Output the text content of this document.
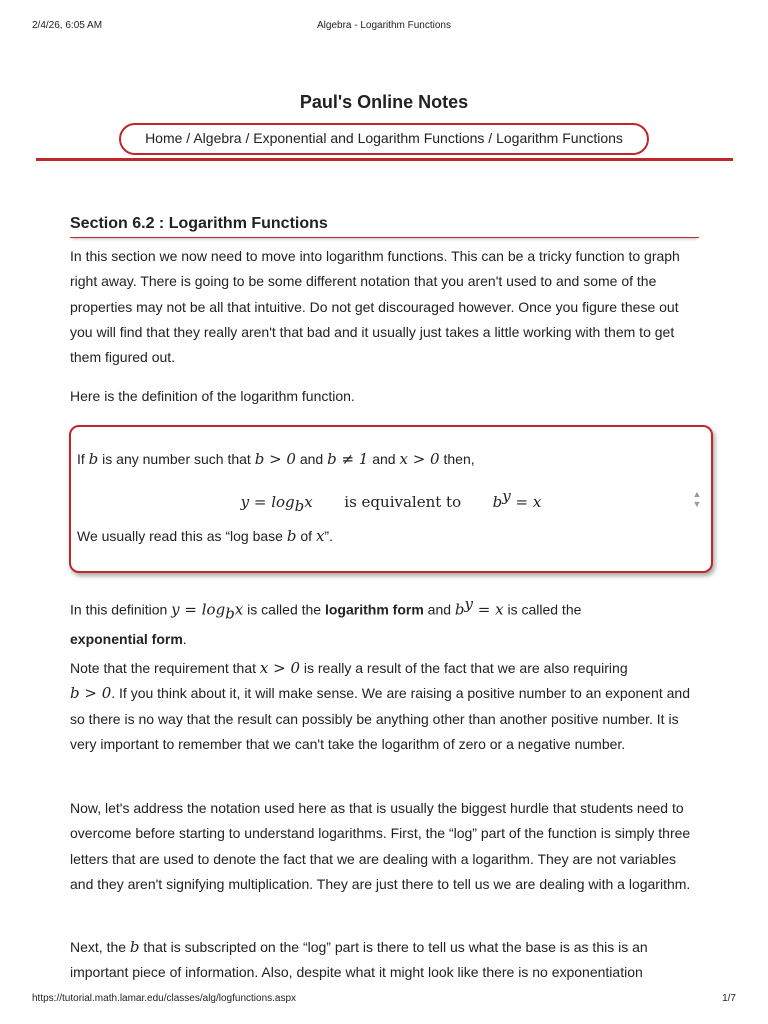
2/4/26, 6:05 AM	Algebra - Logarithm Functions
Paul's Online Notes
Home / Algebra / Exponential and Logarithm Functions / Logarithm Functions
Section 6.2 : Logarithm Functions

In this section we now need to move into logarithm functions. This can be a tricky function to graph right away. There is going to be some different notation that you aren't used to and some of the properties may not be all that intuitive. Do not get discouraged however. Once you figure these out you will find that they really aren't that bad and it usually just takes a little working with them to get them figured out.

Here is the definition of the logarithm function.

If b is any number such that b > 0 and b ≠ 1 and x > 0 then,
$y = \log_bx$ is equivalent to $b^y = x$
We usually read this as “log base b of x”.
▲
▼

In this definition $y = \log_bx$ is called the logarithm form and $b^y = x$ is called the
exponential form.

Note that the requirement that x > 0 is really a result of the fact that we are also requiring
b > 0. If you think about it, it will make sense. We are raising a positive number to an exponent and so there is no way that the result can possibly be anything other than another positive number. It is very important to remember that we can't take the logarithm of zero or a negative number.

Now, let's address the notation used here as that is usually the biggest hurdle that students need to overcome before starting to understand logarithms. First, the “log” part of the function is simply three letters that are used to denote the fact that we are dealing with a logarithm. They are not variables and they aren't signifying multiplication. They are just there to tell us we are dealing with a logarithm.

Next, the b that is subscripted on the “log” part is there to tell us what the base is as this is an important piece of information. Also, despite what it might look like there is no exponentiation

https://tutorial.math.lamar.edu/classes/alg/logfunctions.aspx	1/7
